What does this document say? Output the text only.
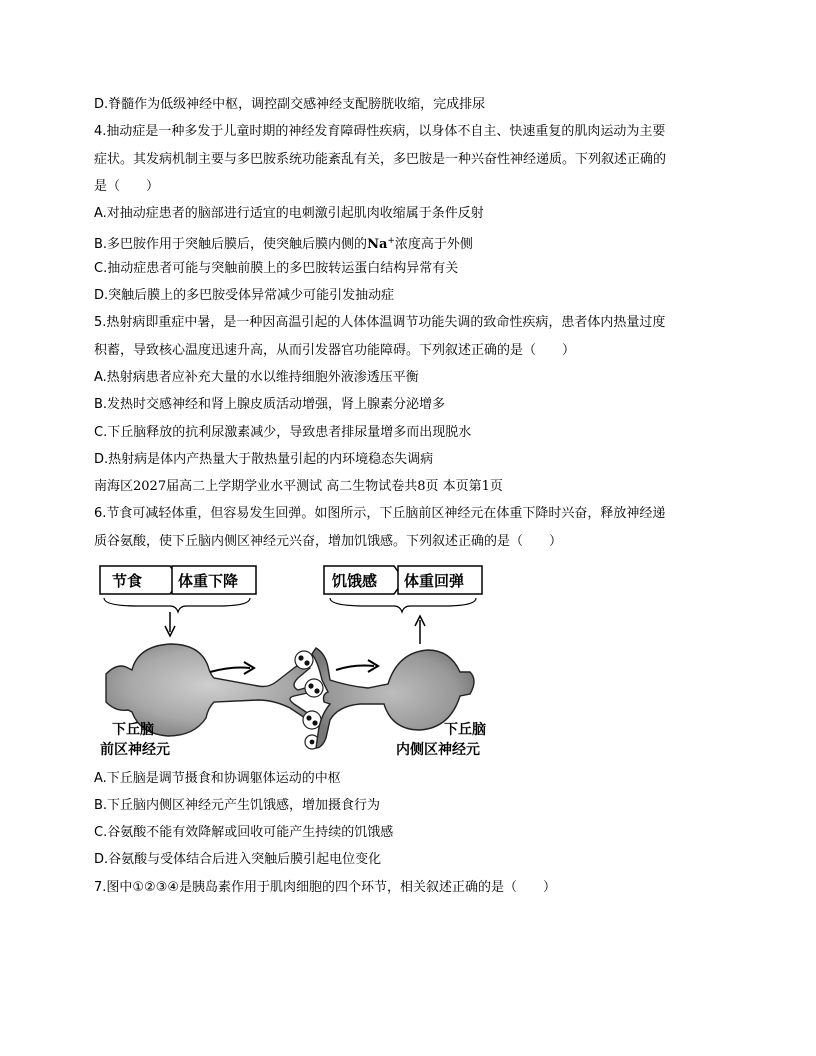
D.脊髓作为低级神经中枢，调控副交感神经支配膀胱收缩，完成排尿
4.抽动症是一种多发于儿童时期的神经发育障碍性疾病，以身体不自主、快速重复的肌肉运动为主要
症状。其发病机制主要与多巴胺系统功能紊乱有关，多巴胺是一种兴奋性神经递质。下列叙述正确的
是（　　）
A.对抽动症患者的脑部进行适宜的电刺激引起肌肉收缩属于条件反射
B.多巴胺作用于突触后膜后，使突触后膜内侧的Na+浓度高于外侧
C.抽动症患者可能与突触前膜上的多巴胺转运蛋白结构异常有关
D.突触后膜上的多巴胺受体异常减少可能引发抽动症
5.热射病即重症中暑，是一种因高温引起的人体体温调节功能失调的致命性疾病，患者体内热量过度
积蓄，导致核心温度迅速升高，从而引发器官功能障碍。下列叙述正确的是（　　）
A.热射病患者应补充大量的水以维持细胞外液渗透压平衡
B.发热时交感神经和肾上腺皮质活动增强，肾上腺素分泌增多
C.下丘脑释放的抗利尿激素减少，导致患者排尿量增多而出现脱水
D.热射病是体内产热量大于散热量引起的内环境稳态失调病
南海区2027届高二上学期学业水平测试 高二生物试卷共8页 本页第1页
6.节食可减轻体重，但容易发生回弹。如图所示，下丘脑前区神经元在体重下降时兴奋，释放神经递
质谷氨酸，使下丘脑内侧区神经元兴奋，增加饥饿感。下列叙述正确的是（　　）
节食 体重下降	饥饿感 体重回弹
下丘脑
前区神经元
下丘脑
内侧区神经元
A.下丘脑是调节摄食和协调躯体运动的中枢
B.下丘脑内侧区神经元产生饥饿感，增加摄食行为
C.谷氨酸不能有效降解或回收可能产生持续的饥饿感
D.谷氨酸与受体结合后进入突触后膜引起电位变化
7.图中①②③④是胰岛素作用于肌肉细胞的四个环节，相关叙述正确的是（　　）
